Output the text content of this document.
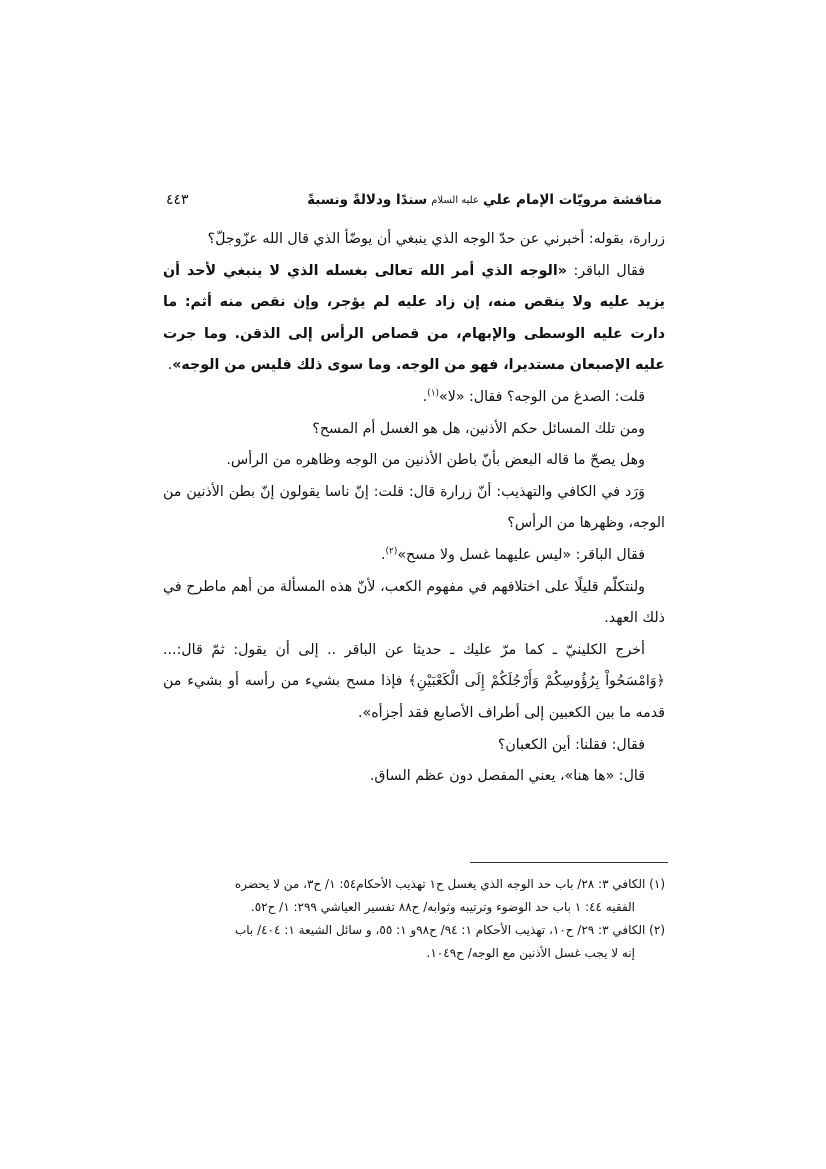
مناقشة مرويّات الإمام علي
عليه السلام
سندًا ودلالةً ونسبةً
٤٤٣

زرارة، بقوله: أخبرني عن حدّ الوجه الذي ينبغي أن يوضّأ الذي قال الله عزّوجلّ؟

فقال الباقر: «الوجه الذي أمر الله تعالى بغسله الذي لا ينبغي لأحد أن يزيد عليه ولا ينقص منه، إن زاد عليه لم يؤجر، وإن نقص منه أثم: ما دارت عليه الوسطى والإبهام، من قصاص الرأس إلى الذقن. وما جرت عليه الإصبعان مستديرا، فهو من الوجه. وما سوى ذلك فليس من الوجه».

قلت: الصدغ من الوجه؟ فقال: «لا»$^{(١)}$.

ومن تلك المسائل حكم الأذنين، هل هو الغسل أم المسح؟

وهل يصحّ ما قاله البعض بأنّ باطن الأذنين من الوجه وظاهره من الرأس.

وَرَد في الكافي والتهذيب: أنّ زرارة قال: قلت: إنّ ناسا يقولون إنّ بطن الأذنين من الوجه، وظهرها من الرأس؟

فقال الباقر: «ليس عليهما غسل ولا مسح»$^{(٢)}$.

ولنتكلّم قليلًا على اختلافهم في مفهوم الكعب، لأنّ هذه المسألة من أهم ماطرح في ذلك العهد.

أخرج الكلينيّ ـ كما مرّ عليك ـ حديثا عن الباقر .. إلى أن يقول: ثمّ قال:... ﴿وَامْسَحُواْ بِرُؤُوسِكُمْ وَأَرْجُلَكُمْ إِلَى الْكَعْبَيْنِ﴾ فإذا مسح بشيء من رأسه أو بشيء من قدمه ما بين الكعبين إلى أطراف الأصابع فقد أجزأه».

فقال: فقلنا: أين الكعبان؟

قال: «ها هنا»، يعني المفصل دون عظم الساق.

(١) الكافي ٣: ٢٨/ باب حد الوجه الذي يغسل ح١ تهذيب الأحكام٥٤: ١/ ح٣، من لا يحضره

الفقيه ٤٤: ١ باب حد الوضوء وترتيبه وثوابه/ ح٨٨ تفسير العياشي ٢٩٩: ١/ ح٥٢.

(٢) الكافي ٣: ٢٩/ ح١٠، تهذيب الأحكام ١: ٩٤/ ح٩٨و ١: ٥٥، و سائل الشيعة ١: ٤٠٤/ باب

إنه لا يجب غسل الأذنين مع الوجه/ ح١٠٤٩.
